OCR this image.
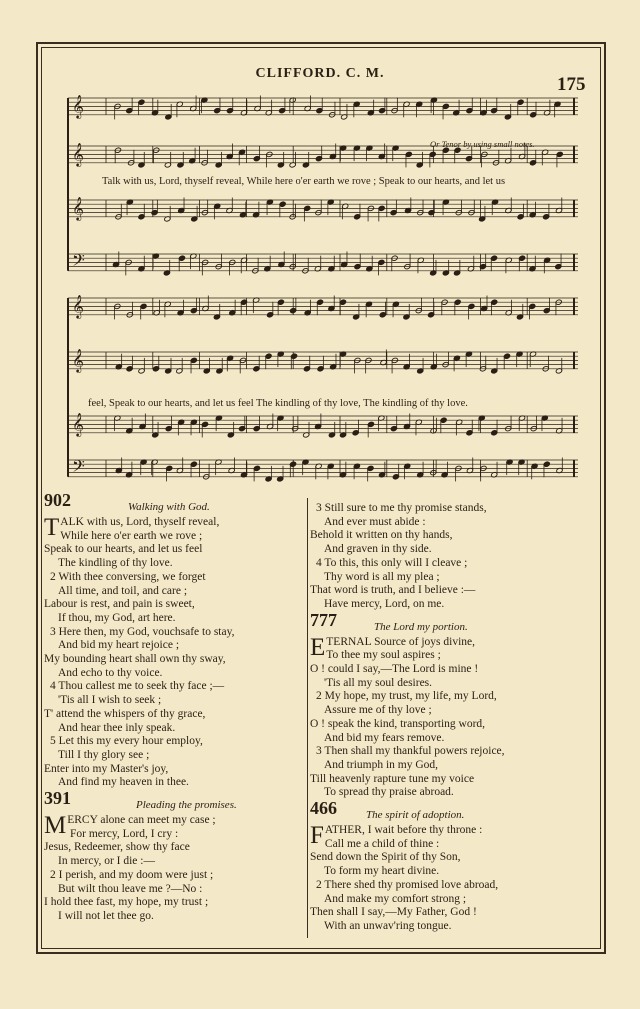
CLIFFORD. C. M.
175
𝄞
𝄞
𝄞
𝄢
Or Tenor by using small notes.
Talk with us, Lord, thyself reveal, While here o'er earth we rove ; Speak to our hearts, and let us
𝄞
𝄞
𝄞
𝄢
feel, Speak to our hearts, and let us feel The kindling of thy love, The kindling of thy love.
902	Walking with God.
T ALK with us, Lord, thyself reveal,

While here o'er earth we rove ;

Speak to our hearts, and let us feel

The kindling of thy love.

2 With thee conversing, we forget

All time, and toil, and care ;

Labour is rest, and pain is sweet,

If thou, my God, art here.

3 Here then, my God, vouchsafe to stay,

And bid my heart rejoice ;

My bounding heart shall own thy sway,

And echo to thy voice.

4 Thou callest me to seek thy face ;—

'Tis all I wish to seek ;

T' attend the whispers of thy grace,

And hear thee inly speak.

5 Let this my every hour employ,

Till I thy glory see ;

Enter into my Master's joy,

And find my heaven in thee.

391	Pleading the promises.
M ERCY alone can meet my case ;

For mercy, Lord, I cry :

Jesus, Redeemer, show thy face

In mercy, or I die :—

2 I perish, and my doom were just ;

But wilt thou leave me ?—No :

I hold thee fast, my hope, my trust ;

I will not let thee go.

3 Still sure to me thy promise stands,

And ever must abide :

Behold it written on thy hands,

And graven in thy side.

4 To this, this only will I cleave ;

Thy word is all my plea ;

That word is truth, and I believe :—

Have mercy, Lord, on me.

777	The Lord my portion.
E TERNAL Source of joys divine,

To thee my soul aspires ;

O ! could I say,—The Lord is mine !

'Tis all my soul desires.

2 My hope, my trust, my life, my Lord,

Assure me of thy love ;

O ! speak the kind, transporting word,

And bid my fears remove.

3 Then shall my thankful powers rejoice,

And triumph in my God,

Till heavenly rapture tune my voice

To spread thy praise abroad.

466	The spirit of adoption.
F ATHER, I wait before thy throne :

Call me a child of thine :

Send down the Spirit of thy Son,

To form my heart divine.

2 There shed thy promised love abroad,

And make my comfort strong ;

Then shall I say,—My Father, God !

With an unwav'ring tongue.
